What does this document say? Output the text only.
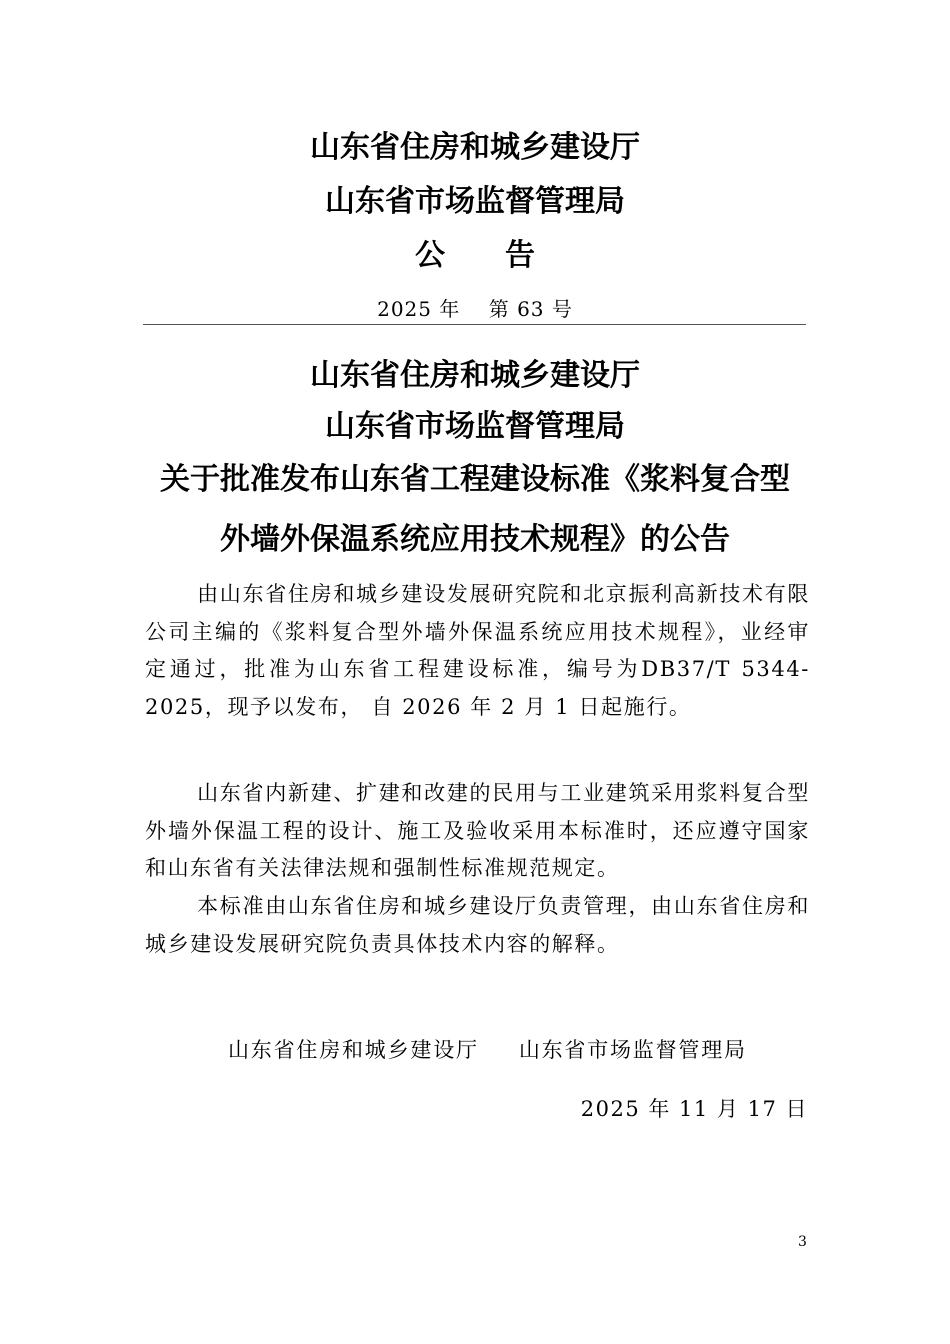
山东省住房和城乡建设厅
山东省市场监督管理局
公　　告
2025 年　 第 63 号
山东省住房和城乡建设厅
山东省市场监督管理局
关于批准发布山东省工程建设标准《浆料复合型
外墙外保温系统应用技术规程》的公告
由山东省住房和城乡建设发展研究院和北京振利高新技术有限公司主编的《浆料复合型外墙外保温系统应用技术规程》，业经审定通过，批准为山东省工程建设标准，编号为DB37/T 5344-2025，现予以发布， 自 2026 年 2 月 1 日起施行。
山东省内新建、扩建和改建的民用与工业建筑采用浆料复合型外墙外保温工程的设计、施工及验收采用本标准时，还应遵守国家和山东省有关法律法规和强制性标准规范规定。
本标准由山东省住房和城乡建设厅负责管理，由山东省住房和城乡建设发展研究院负责具体技术内容的解释。
山东省住房和城乡建设厅 山东省市场监督管理局
2025 年 11 月 17 日
3
